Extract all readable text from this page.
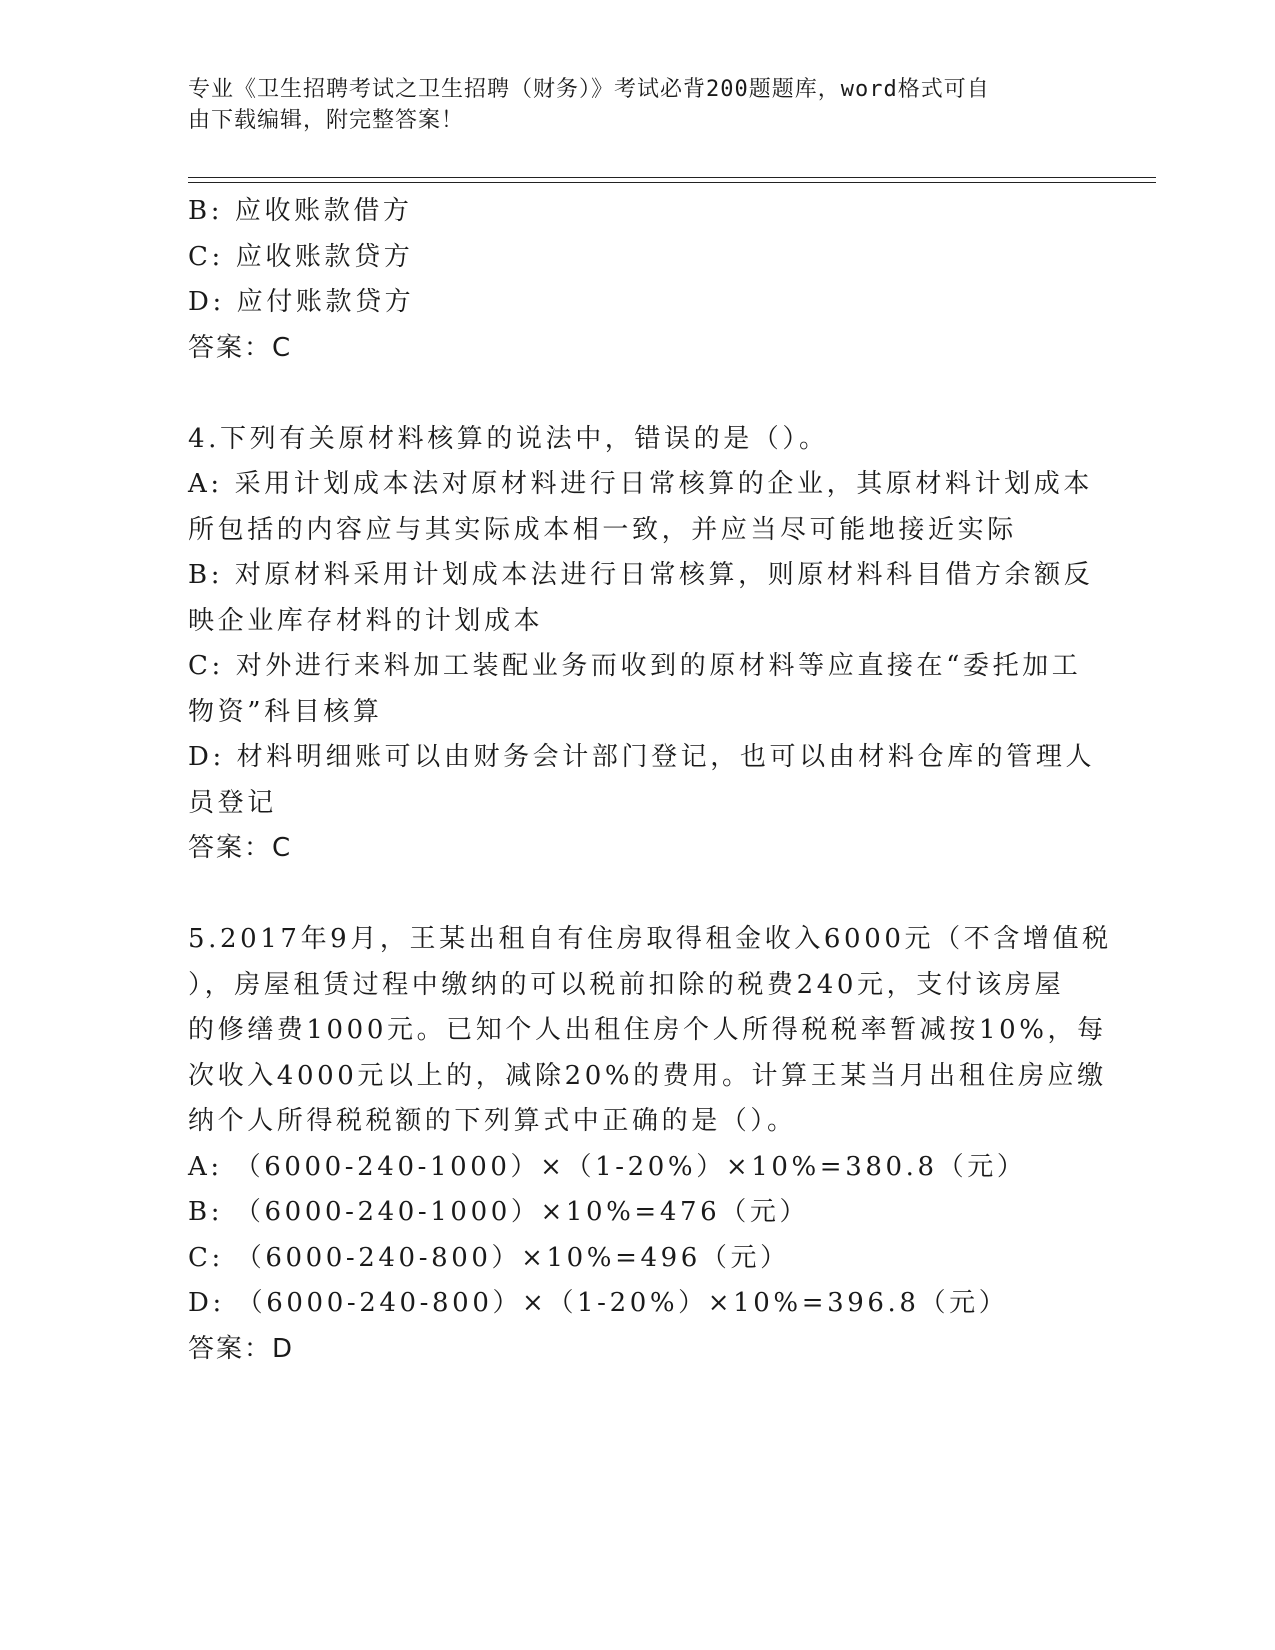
专业《卫生招聘考试之卫生招聘（财务）》考试必背200题题库，word格式可自
由下载编辑，附完整答案！
B: 应收账款借方
C: 应收账款贷方
D: 应付账款贷方
答案：C
4.下列有关原材料核算的说法中，错误的是（）。
A: 采用计划成本法对原材料进行日常核算的企业，其原材料计划成本
所包括的内容应与其实际成本相一致，并应当尽可能地接近实际
B: 对原材料采用计划成本法进行日常核算，则原材料科目借方余额反
映企业库存材料的计划成本
C: 对外进行来料加工装配业务而收到的原材料等应直接在“委托加工
物资”科目核算
D: 材料明细账可以由财务会计部门登记，也可以由材料仓库的管理人
员登记
答案：C
5.2017年9月，王某出租自有住房取得租金收入6000元（不含增值税
），房屋租赁过程中缴纳的可以税前扣除的税费240元，支付该房屋
的修缮费1000元。已知个人出租住房个人所得税税率暂减按10%，每
次收入4000元以上的，减除20%的费用。计算王某当月出租住房应缴
纳个人所得税税额的下列算式中正确的是（）。
A: （6000-240-1000）×（1-20%）×10%=380.8（元）
B: （6000-240-1000）×10%=476（元）
C: （6000-240-800）×10%=496（元）
D: （6000-240-800）×（1-20%）×10%=396.8（元）
答案：D
